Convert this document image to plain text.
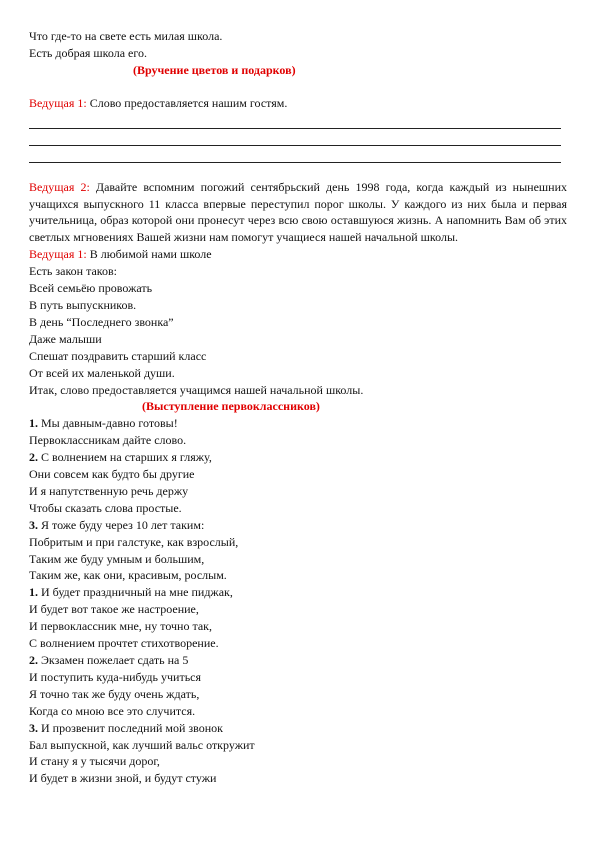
Что где-то на свете есть милая школа.
Есть добрая школа его.
(Вручение цветов и подарков)
Ведущая 1: Слово предоставляется нашим гостям.
Ведущая 2: Давайте вспомним погожий сентябрьский день 1998 года, когда каждый из нынешних учащихся выпускного 11 класса впервые переступил порог школы. У каждого из них была и первая учительница, образ которой они пронесут через всю свою оставшуюся жизнь. А напомнить Вам об этих светлых мгновениях Вашей жизни нам помогут учащиеся нашей начальной школы.
Ведущая 1: В любимой нами школе
Есть закон таков:
Всей семьёю провожать
В путь выпускников.
В день “Последнего звонка”
Даже малыши
Спешат поздравить старший класс
От всей их маленькой души.
Итак, слово предоставляется учащимся нашей начальной школы.
(Выступление первоклассников)
1. Мы давным-давно готовы!
Первоклассникам дайте слово.
2. С волнением на старших я гляжу,
Они совсем как будто бы другие
И я напутственную речь держу
Чтобы сказать слова простые.
3. Я тоже буду через 10 лет таким:
Побритым и при галстуке, как взрослый,
Таким же буду умным и большим,
Таким же, как они, красивым, рослым.
1. И будет праздничный на мне пиджак,
И будет вот такое же настроение,
И первоклассник мне, ну точно так,
С волнением прочтет стихотворение.
2. Экзамен пожелает сдать на 5
И поступить куда-нибудь учиться
Я точно так же буду очень ждать,
Когда со мною все это случится.
3. И прозвенит последний мой звонок
Бал выпускной, как лучший вальс откружит
И стану я у тысячи дорог,
И будет в жизни зной, и будут стужи
